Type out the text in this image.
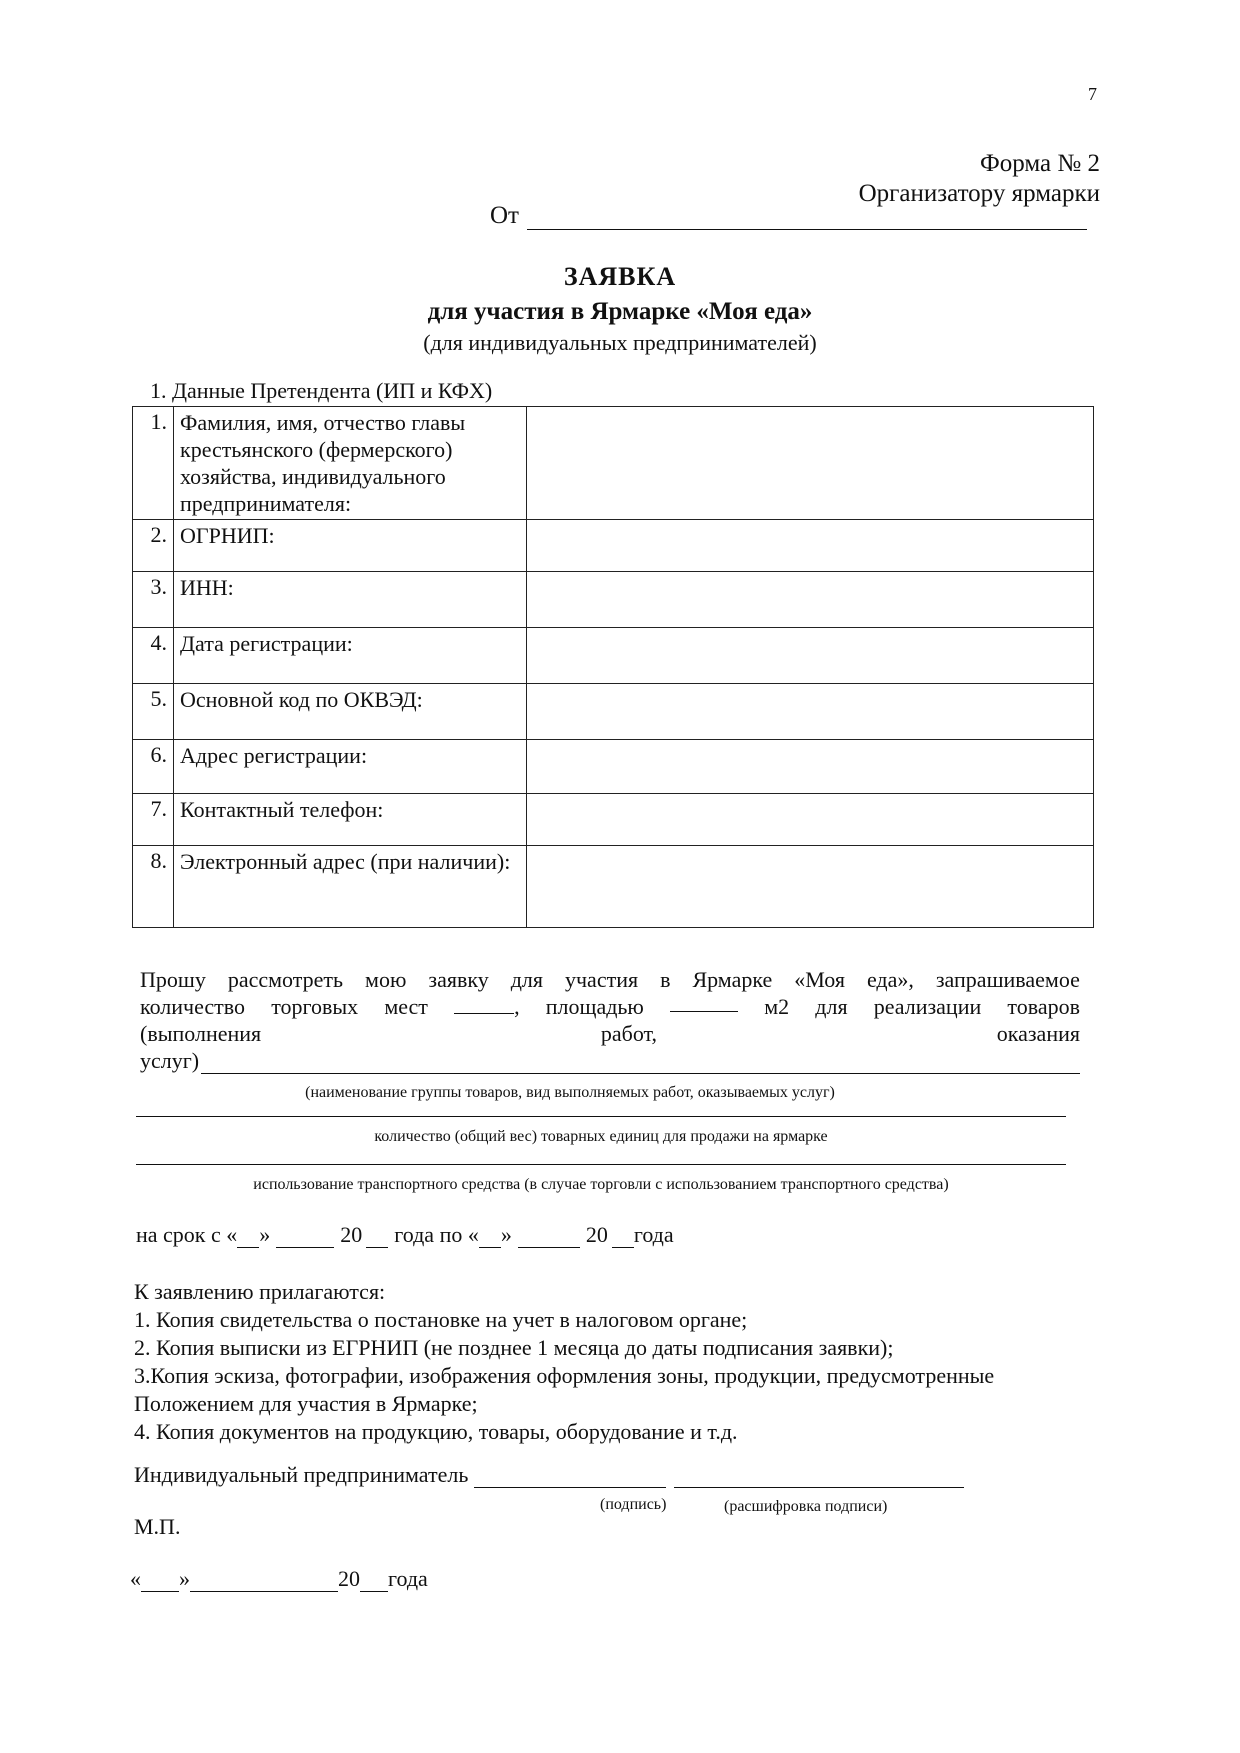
7
Форма № 2
Организатору ярмарки
От
ЗАЯВКА
для участия в Ярмарке «Моя еда»
(для индивидуальных предпринимателей)
1. Данные Претендента (ИП и КФХ)
1.	Фамилия, имя, отчество главы крестьянского (фермерского) хозяйства, индивидуального предпринимателя:	
2.	ОГРНИП:	
3.	ИНН:	
4.	Дата регистрации:	
5.	Основной код по ОКВЭД:	
6.	Адрес регистрации:	
7.	Контактный телефон:	
8.	Электронный адрес (при наличии):	
Прошу рассмотреть мою заявку для участия в Ярмарке «Моя еда», запрашиваемое
количество торговых мест	, площадью	м2 для реализации товаров
(выполнения	работ,	оказания
услуг)
(наименование группы товаров, вид выполняемых работ, оказываемых услуг)
количество (общий вес) товарных единиц для продажи на ярмарке
использование транспортного средства (в случае торговли с использованием транспортного средства)
на срок с « »	20 года по « »	20 года
К заявлению прилагаются:
1. Копия свидетельства о постановке на учет в налоговом органе;
2. Копия выписки из ЕГРНИП (не позднее 1 месяца до даты подписания заявки);
3.Копия эскиза, фотографии, изображения оформления зоны, продукции, предусмотренные Положением для участия в Ярмарке;
4. Копия документов на продукцию, товары, оборудование и т.д.
Индивидуальный предприниматель
(подпись)	(расшифровка подписи)
М.П.
« »	20 года
